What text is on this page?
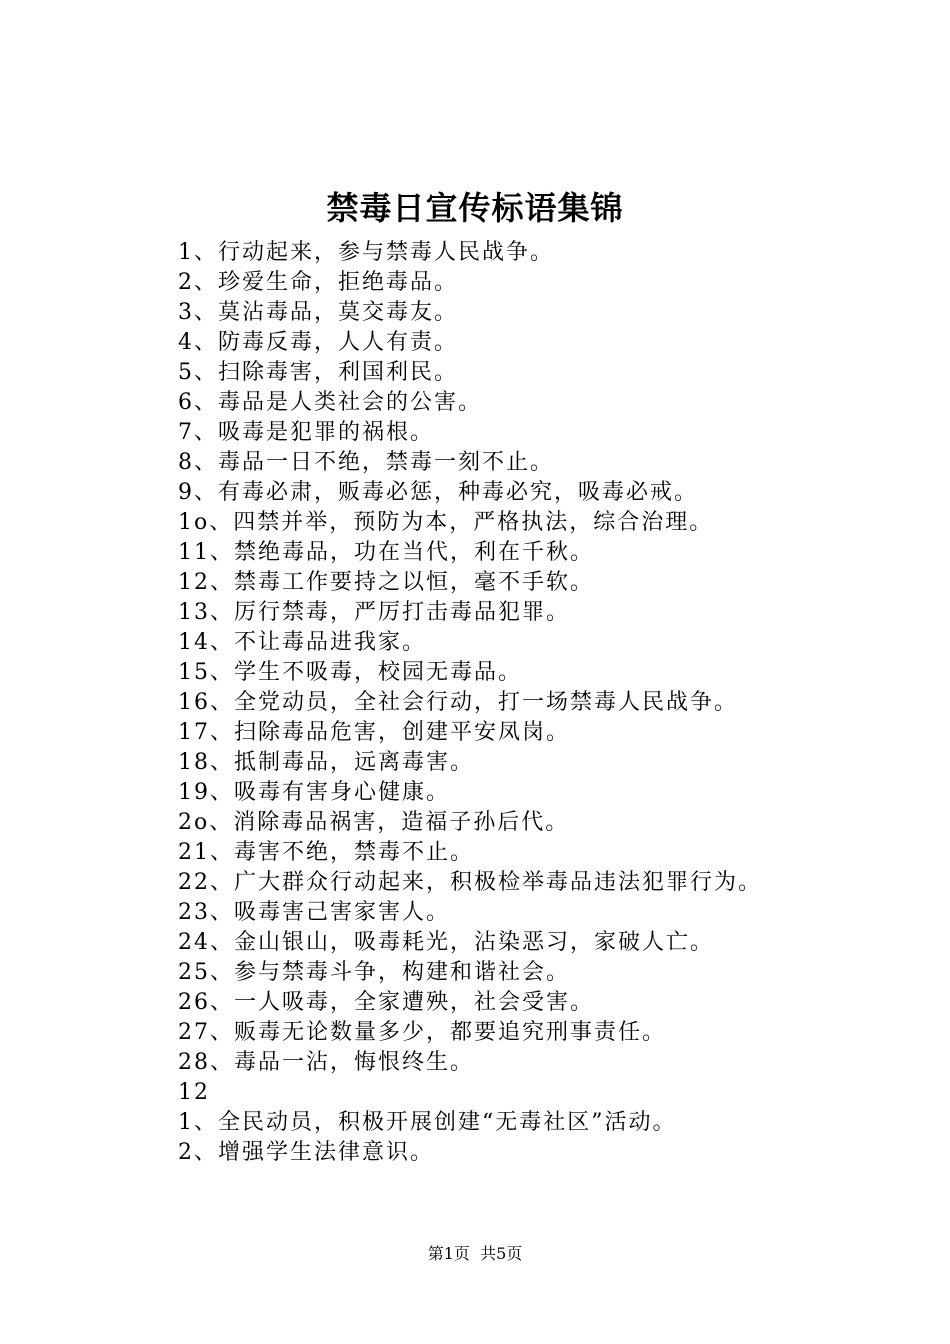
禁毒日宣传标语集锦
1、行动起来，参与禁毒人民战争。
2、珍爱生命，拒绝毒品。
3、莫沾毒品，莫交毒友。
4、防毒反毒，人人有责。
5、扫除毒害，利国利民。
6、毒品是人类社会的公害。
7、吸毒是犯罪的祸根。
8、毒品一日不绝，禁毒一刻不止。
9、有毒必肃，贩毒必惩，种毒必究，吸毒必戒。
1o、四禁并举，预防为本，严格执法，综合治理。
11、禁绝毒品，功在当代，利在千秋。
12、禁毒工作要持之以恒，毫不手软。
13、厉行禁毒，严厉打击毒品犯罪。
14、不让毒品进我家。
15、学生不吸毒，校园无毒品。
16、全党动员，全社会行动，打一场禁毒人民战争。
17、扫除毒品危害，创建平安凤岗。
18、抵制毒品，远离毒害。
19、吸毒有害身心健康。
2o、消除毒品祸害，造福子孙后代。
21、毒害不绝，禁毒不止。
22、广大群众行动起来，积极检举毒品违法犯罪行为。
23、吸毒害己害家害人。
24、金山银山，吸毒耗光，沾染恶习，家破人亡。
25、参与禁毒斗争，构建和谐社会。
26、一人吸毒，全家遭殃，社会受害。
27、贩毒无论数量多少，都要追究刑事责任。
28、毒品一沾，悔恨终生。
12
1、全民动员，积极开展创建“无毒社区”活动。
2、增强学生法律意识。
第1页  共5页
